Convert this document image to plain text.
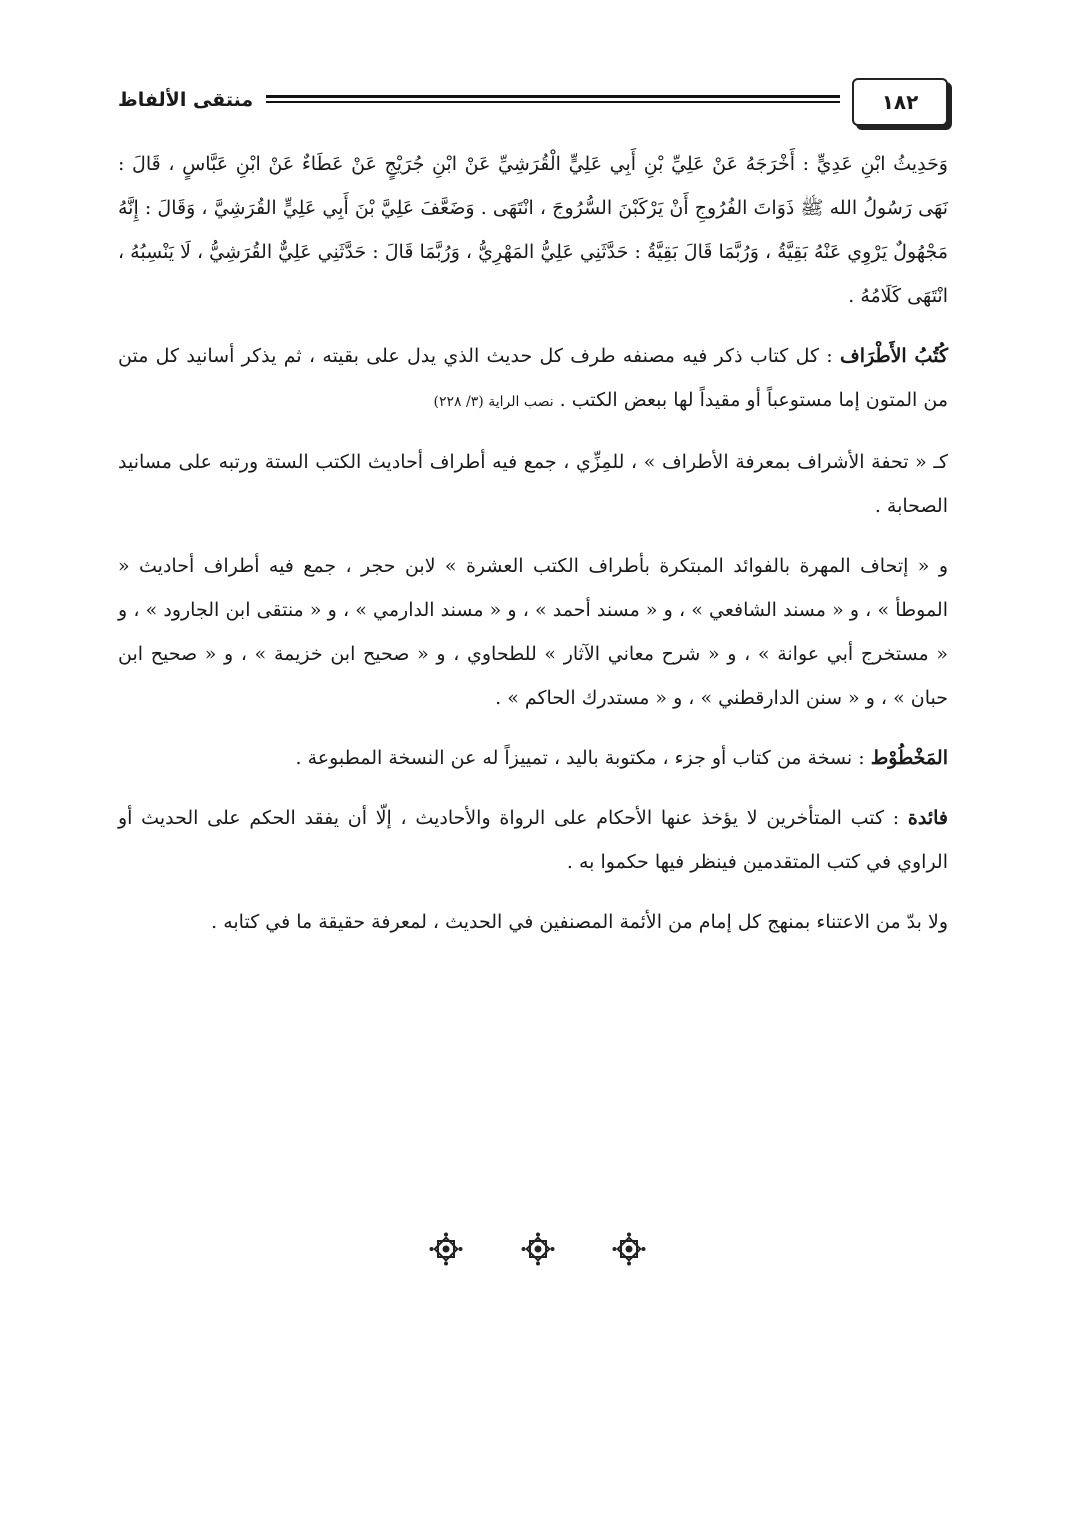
١٨٢
منتقى الألفاظ

وَحَدِيثُ ابْنِ عَدِيٍّ : أَخْرَجَهُ عَنْ عَلِيِّ بْنِ أَبِي عَلِيٍّ الْقُرَشِيِّ عَنْ ابْنِ جُرَيْجٍ عَنْ عَطَاءٌ عَنْ ابْنِ عَبَّاسٍ ، قَالَ : نَهَى رَسُولُ الله ﷺ ذَوَاتَ الفُرُوجِ أَنْ يَرْكَبْنَ السُّرُوجَ ، انْتَهَى . وَضَعَّفَ عَلِيَّ بْنَ أَبِي عَلِيٍّ القُرَشِيَّ ، وَقَالَ : إِنَّهُ مَجْهُولٌ يَرْوِي عَنْهُ بَقِيَّةُ ، وَرُبَّمَا قَالَ بَقِيَّةُ : حَدَّثَنِي عَلِيُّ المَهْرِيُّ ، وَرُبَّمَا قَالَ : حَدَّثَنِي عَلِيٌّ القُرَشِيُّ ، لَا يَنْسِبُهُ ، انْتَهَى كَلَامُهُ .

كُتُبُ الأَطْرَاف : كل كتاب ذكر فيه مصنفه طرف كل حديث الذي يدل على بقيته ، ثم يذكر أسانيد كل متن من المتون إما مستوعباً أو مقيداً لها ببعض الكتب . نصب الراية (٣/ ٢٢٨)

كـ « تحفة الأشراف بمعرفة الأطراف » ، للمِزِّي ، جمع فيه أطراف أحاديث الكتب الستة ورتبه على مسانيد الصحابة .

و « إتحاف المهرة بالفوائد المبتكرة بأطراف الكتب العشرة » لابن حجر ، جمع فيه أطراف أحاديث « الموطأ » ، و « مسند الشافعي » ، و « مسند أحمد » ، و « مسند الدارمي » ، و « منتقى ابن الجارود » ، و « مستخرج أبي عوانة » ، و « شرح معاني الآثار » للطحاوي ، و « صحيح ابن خزيمة » ، و « صحيح ابن حبان » ، و « سنن الدارقطني » ، و « مستدرك الحاكم » .

المَخْطُوْط : نسخة من كتاب أو جزء ، مكتوبة باليد ، تمييزاً له عن النسخة المطبوعة .

فائدة : كتب المتأخرين لا يؤخذ عنها الأحكام على الرواة والأحاديث ، إلّا أن يفقد الحكم على الحديث أو الراوي في كتب المتقدمين فينظر فيها حكموا به .

ولا بدّ من الاعتناء بمنهج كل إمام من الأئمة المصنفين في الحديث ، لمعرفة حقيقة ما في كتابه .
